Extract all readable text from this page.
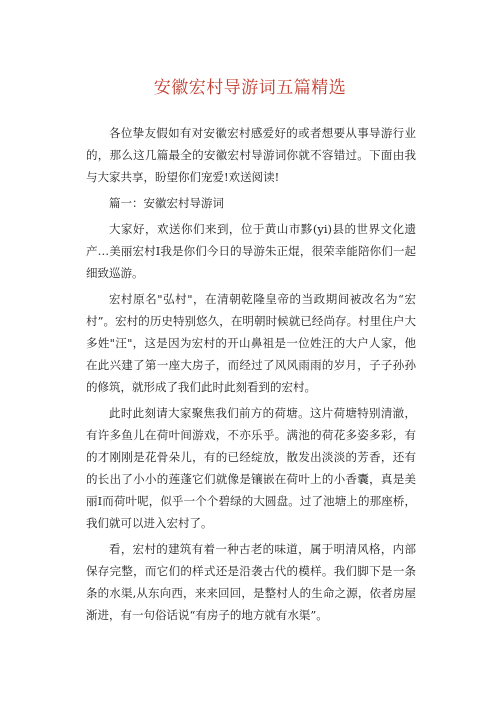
安徽宏村导游词五篇精选

各位挚友假如有对安徽宏村感爱好的或者想要从事导游行业的，那么这几篇最全的安徽宏村导游词你就不容错过。下面由我与大家共享，盼望你们宠爱!欢送阅读!

篇一：安徽宏村导游词

大家好，欢送你们来到，位于黄山市黟(yi)县的世界文化遗产…美丽宏村I我是你们今日的导游朱正焜，很荣幸能陪你们一起细致巡游。

宏村原名"弘村"，在清朝乾隆皇帝的当政期间被改名为“宏村”。宏村的历史特别悠久，在明朝时候就已经尚存。村里住户大多姓"汪"，这是因为宏村的开山鼻祖是一位姓汪的大户人家，他在此兴建了第一座大房子，而经过了风风雨雨的岁月，子子孙孙的修筑，就形成了我们此时此刻看到的宏村。

此时此刻请大家聚焦我们前方的荷塘。这片荷塘特别清澈，有许多鱼儿在荷叶间游戏，不亦乐乎。满池的荷花多姿多彩，有的才刚刚是花骨朵儿，有的已经绽放，散发出淡淡的芳香，还有的长出了小小的莲蓬它们就像是镶嵌在荷叶上的小香囊，真是美丽I而荷叶呢，似乎一个个碧绿的大圆盘。过了池塘上的那座桥，我们就可以进入宏村了。

看，宏村的建筑有着一种古老的味道，属于明清风格，内部保存完整，而它们的样式还是沿袭古代的模样。我们脚下是一条条的水渠,从东向西，来来回回，是整村人的生命之源，依者房屋渐进，有一句俗话说“有房子的地方就有水渠”。
